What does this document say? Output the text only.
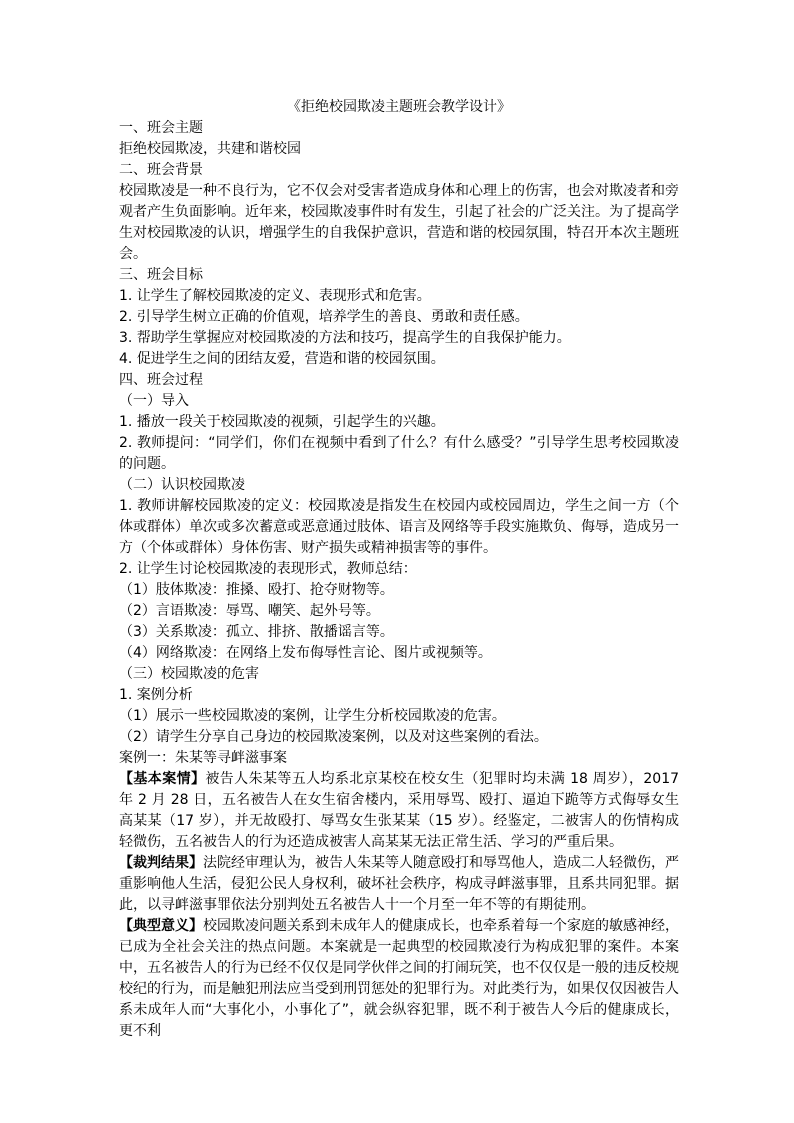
《拒绝校园欺凌主题班会教学设计》

一、班会主题

拒绝校园欺凌，共建和谐校园

二、班会背景

校园欺凌是一种不良行为，它不仅会对受害者造成身体和心理上的伤害，也会对欺凌者和旁观者产生负面影响。近年来，校园欺凌事件时有发生，引起了社会的广泛关注。为了提高学生对校园欺凌的认识，增强学生的自我保护意识，营造和谐的校园氛围，特召开本次主题班会。

三、班会目标

1. 让学生了解校园欺凌的定义、表现形式和危害。

2. 引导学生树立正确的价值观，培养学生的善良、勇敢和责任感。

3. 帮助学生掌握应对校园欺凌的方法和技巧，提高学生的自我保护能力。

4. 促进学生之间的团结友爱，营造和谐的校园氛围。

四、班会过程

（一）导入

1. 播放一段关于校园欺凌的视频，引起学生的兴趣。

2. 教师提问：“同学们，你们在视频中看到了什么？有什么感受？”引导学生思考校园欺凌的问题。

（二）认识校园欺凌

1. 教师讲解校园欺凌的定义：校园欺凌是指发生在校园内或校园周边，学生之间一方（个体或群体）单次或多次蓄意或恶意通过肢体、语言及网络等手段实施欺负、侮辱，造成另一方（个体或群体）身体伤害、财产损失或精神损害等的事件。

2. 让学生讨论校园欺凌的表现形式，教师总结：

（1）肢体欺凌：推搡、殴打、抢夺财物等。

（2）言语欺凌：辱骂、嘲笑、起外号等。

（3）关系欺凌：孤立、排挤、散播谣言等。

（4）网络欺凌：在网络上发布侮辱性言论、图片或视频等。

（三）校园欺凌的危害

1. 案例分析

（1）展示一些校园欺凌的案例，让学生分析校园欺凌的危害。

（2）请学生分享自己身边的校园欺凌案例，以及对这些案例的看法。

案例一：朱某等寻衅滋事案

【基本案情】被告人朱某等五人均系北京某校在校女生（犯罪时均未满 18 周岁），2017 年 2 月 28 日，五名被告人在女生宿舍楼内，采用辱骂、殴打、逼迫下跪等方式侮辱女生高某某（17 岁），并无故殴打、辱骂女生张某某（15 岁）。经鉴定，二被害人的伤情构成轻微伤，五名被告人的行为还造成被害人高某某无法正常生活、学习的严重后果。

【裁判结果】法院经审理认为，被告人朱某等人随意殴打和辱骂他人，造成二人轻微伤，严重影响他人生活，侵犯公民人身权利，破坏社会秩序，构成寻衅滋事罪，且系共同犯罪。据此，以寻衅滋事罪依法分别判处五名被告人十一个月至一年不等的有期徒刑。

【典型意义】校园欺凌问题关系到未成年人的健康成长，也牵系着每一个家庭的敏感神经，已成为全社会关注的热点问题。本案就是一起典型的校园欺凌行为构成犯罪的案件。本案中，五名被告人的行为已经不仅仅是同学伙伴之间的打闹玩笑，也不仅仅是一般的违反校规校纪的行为，而是触犯刑法应当受到刑罚惩处的犯罪行为。对此类行为，如果仅仅因被告人系未成年人而“大事化小，小事化了”，就会纵容犯罪，既不利于被告人今后的健康成长，更不利
